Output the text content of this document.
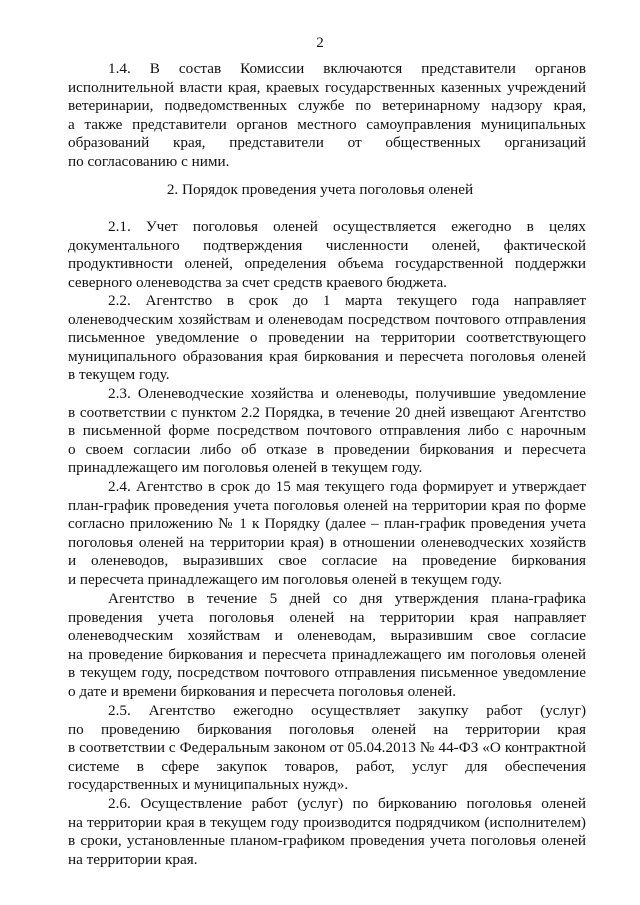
2
1.4. В состав Комиссии включаются представители органов
исполнительной власти края, краевых государственных казенных учреждений
ветеринарии, подведомственных службе по ветеринарному надзору края,
а также представители органов местного самоуправления муниципальных
образований края, представители от общественных организаций
по согласованию с ними.
2. Порядок проведения учета поголовья оленей
2.1. Учет поголовья оленей осуществляется ежегодно в целях
документального подтверждения численности оленей, фактической
продуктивности оленей, определения объема государственной поддержки
северного оленеводства за счет средств краевого бюджета.
2.2. Агентство в срок до 1 марта текущего года направляет
оленеводческим хозяйствам и оленеводам посредством почтового отправления
письменное уведомление о проведении на территории соответствующего
муниципального образования края биркования и пересчета поголовья оленей
в текущем году.
2.3. Оленеводческие хозяйства и оленеводы, получившие уведомление
в соответствии с пунктом 2.2 Порядка, в течение 20 дней извещают Агентство
в письменной форме посредством почтового отправления либо с нарочным
о своем согласии либо об отказе в проведении биркования и пересчета
принадлежащего им поголовья оленей в текущем году.
2.4. Агентство в срок до 15 мая текущего года формирует и утверждает
план-график проведения учета поголовья оленей на территории края по форме
согласно приложению № 1 к Порядку (далее – план-график проведения учета
поголовья оленей на территории края) в отношении оленеводческих хозяйств
и оленеводов, выразивших свое согласие на проведение биркования
и пересчета принадлежащего им поголовья оленей в текущем году.
Агентство в течение 5 дней со дня утверждения плана-графика
проведения учета поголовья оленей на территории края направляет
оленеводческим хозяйствам и оленеводам, выразившим свое согласие
на проведение биркования и пересчета принадлежащего им поголовья оленей
в текущем году, посредством почтового отправления письменное уведомление
о дате и времени биркования и пересчета поголовья оленей.
2.5. Агентство ежегодно осуществляет закупку работ (услуг)
по проведению биркования поголовья оленей на территории края
в соответствии с Федеральным законом от 05.04.2013 № 44-ФЗ «О контрактной
системе в сфере закупок товаров, работ, услуг для обеспечения
государственных и муниципальных нужд».
2.6. Осуществление работ (услуг) по биркованию поголовья оленей
на территории края в текущем году производится подрядчиком (исполнителем)
в сроки, установленные планом-графиком проведения учета поголовья оленей
на территории края.
